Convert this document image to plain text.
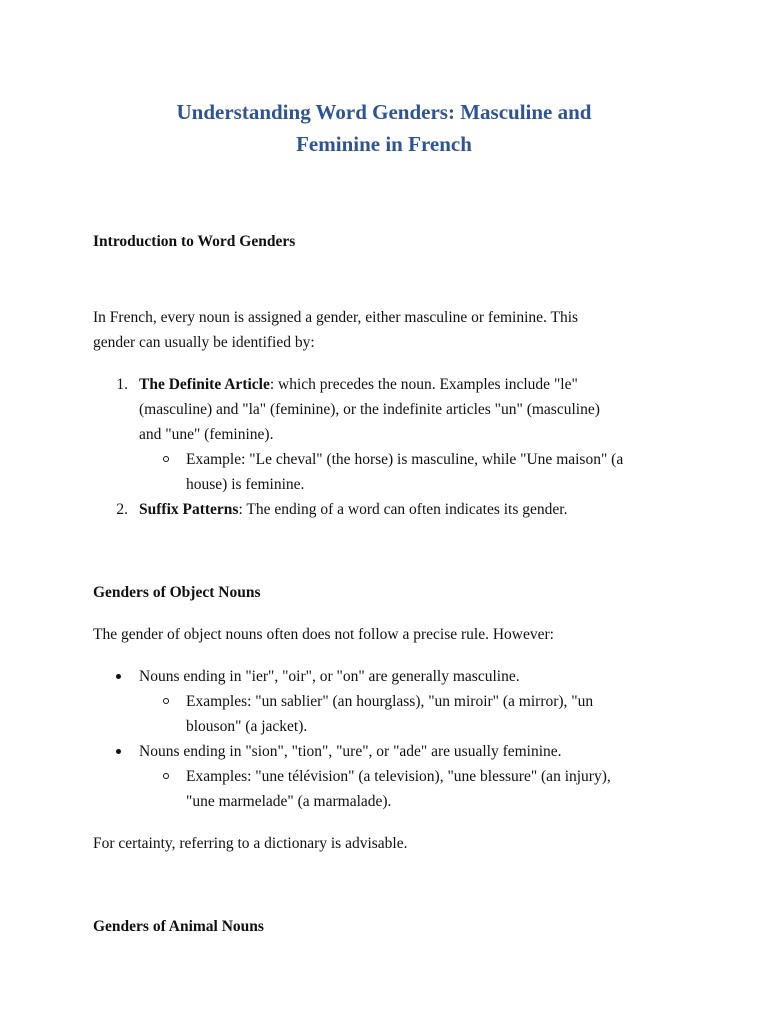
Understanding Word Genders: Masculine and
Feminine in French
Introduction to Word Genders
In French, every noun is assigned a gender, either masculine or feminine. This
gender can usually be identified by:
1. The Definite Article: which precedes the noun. Examples include "le"
(masculine) and "la" (feminine), or the indefinite articles "un" (masculine)
and "une" (feminine).
Example: "Le cheval" (the horse) is masculine, while "Une maison" (a
house) is feminine.
2. Suffix Patterns: The ending of a word can often indicates its gender.
Genders of Object Nouns
The gender of object nouns often does not follow a precise rule. However:
Nouns ending in "ier", "oir", or "on" are generally masculine.
Examples: "un sablier" (an hourglass), "un miroir" (a mirror), "un
blouson" (a jacket).
Nouns ending in "sion", "tion", "ure", or "ade" are usually feminine.
Examples: "une télévision" (a television), "une blessure" (an injury),
"une marmelade" (a marmalade).
For certainty, referring to a dictionary is advisable.
Genders of Animal Nouns
